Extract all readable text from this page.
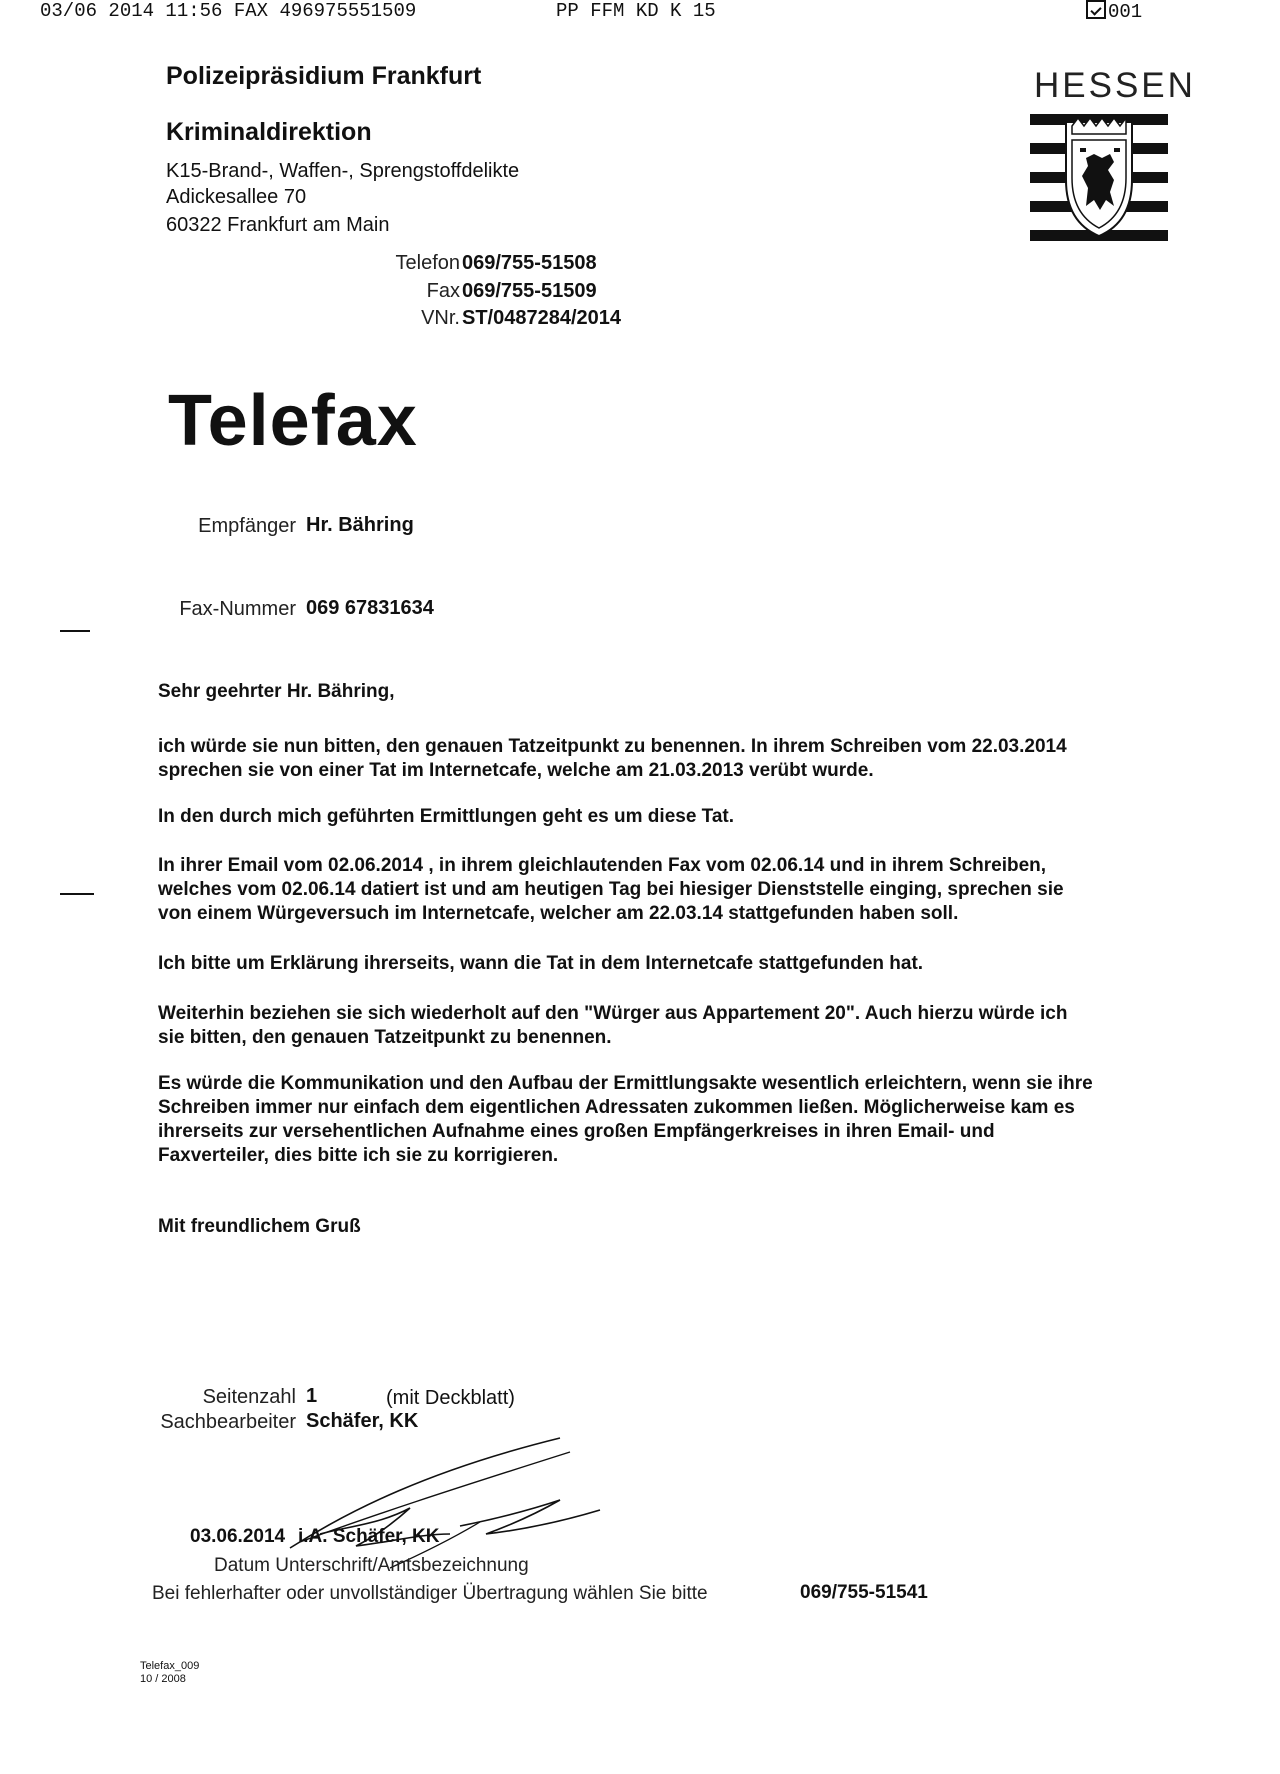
03/06 2014 11:56 FAX 496975551509	PP FFM KD K 15	001
Polizeipräsidium Frankfurt
Kriminaldirektion
K15-Brand-, Waffen-, Sprengstoffdelikte
Adickesallee 70
60322 Frankfurt am Main
Telefon 069/755-51508
Fax 069/755-51509
VNr. ST/0487284/2014
HESSEN
Telefax
Empfänger Hr. Bähring
Fax-Nummer 069 67831634

Sehr geehrter Hr. Bähring,

ich würde sie nun bitten, den genauen Tatzeitpunkt zu benennen. In ihrem Schreiben vom 22.03.2014

sprechen sie von einer Tat im Internetcafe, welche am 21.03.2013 verübt wurde.

In den durch mich geführten Ermittlungen geht es um diese Tat.

In ihrer Email vom 02.06.2014 , in ihrem gleichlautenden Fax vom 02.06.14 und in ihrem Schreiben,

welches vom 02.06.14 datiert ist und am heutigen Tag bei hiesiger Dienststelle einging, sprechen sie

von einem Würgeversuch im Internetcafe, welcher am 22.03.14 stattgefunden haben soll.

Ich bitte um Erklärung ihrerseits, wann die Tat in dem Internetcafe stattgefunden hat.

Weiterhin beziehen sie sich wiederholt auf den "Würger aus Appartement 20". Auch hierzu würde ich

sie bitten, den genauen Tatzeitpunkt zu benennen.

Es würde die Kommunikation und den Aufbau der Ermittlungsakte wesentlich erleichtern, wenn sie ihre

Schreiben immer nur einfach dem eigentlichen Adressaten zukommen ließen. Möglicherweise kam es

ihrerseits zur versehentlichen Aufnahme eines großen Empfängerkreises in ihren Email- und

Faxverteiler, dies bitte ich sie zu korrigieren.

Mit freundlichem Gruß

Seitenzahl 1	(mit Deckblatt)
Sachbearbeiter Schäfer, KK
03.06.2014 i.A. Schäfer, KK
Datum Unterschrift/Amtsbezeichnung
Bei fehlerhafter oder unvollständiger Übertragung wählen Sie bitte	069/755-51541
Telefax_009
10 / 2008
